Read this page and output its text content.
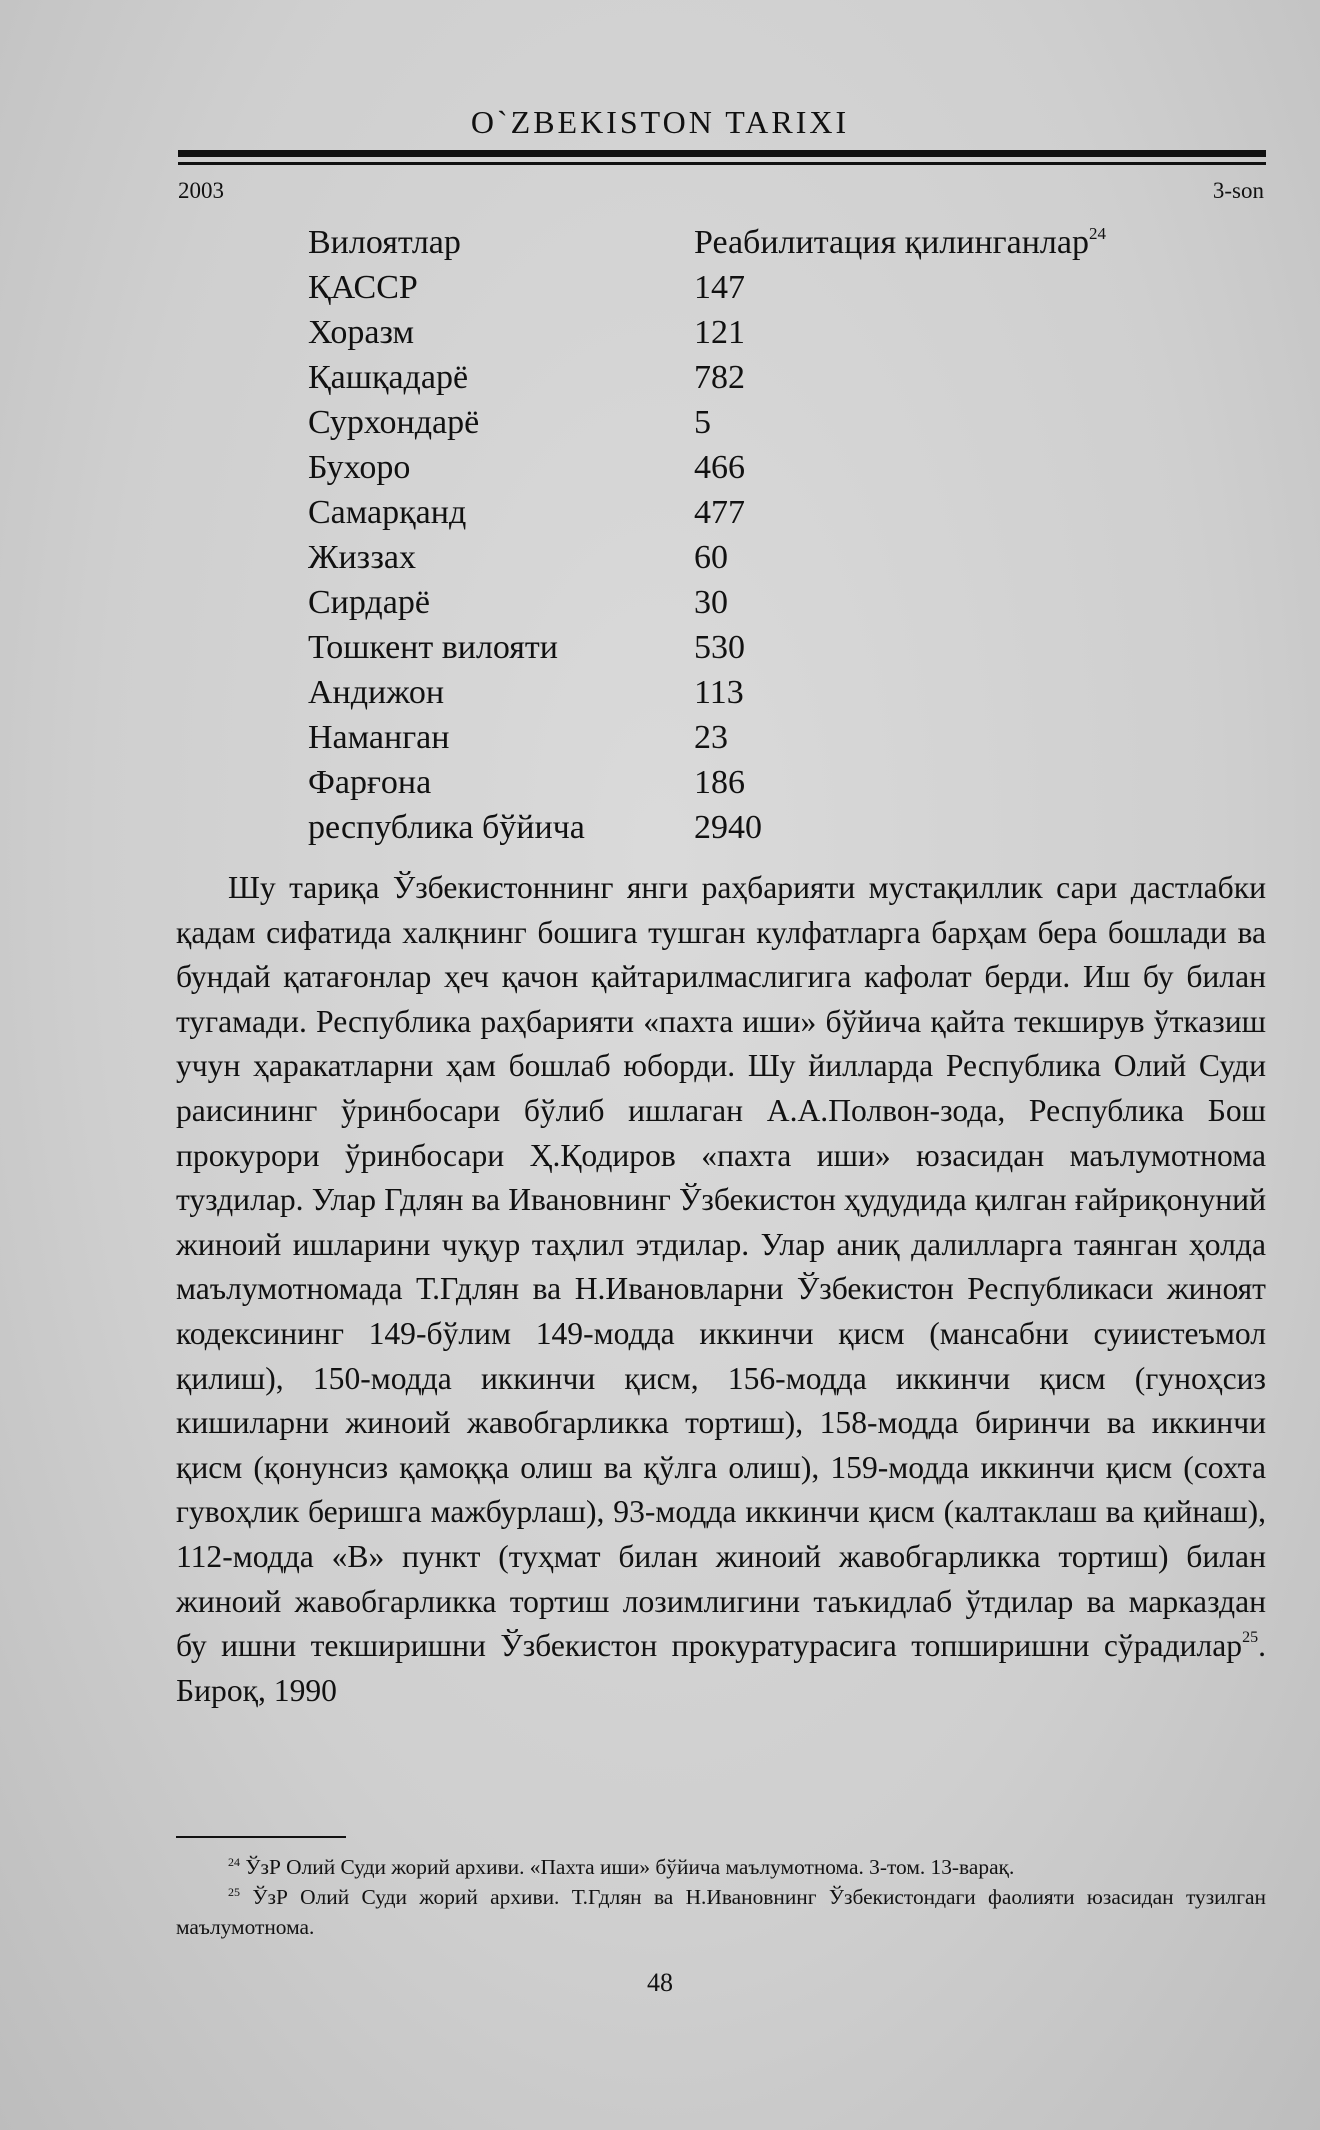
O`ZBEKISTON TARIXI
2003	3-son
Вилоятлар	Реабилитация қилинганлар$^{24}$
ҚАССР	147
Хоразм	121
Қашқадарё	782
Сурхондарё	5
Бухоро	466
Самарқанд	477
Жиззах	60
Сирдарё	30
Тошкент вилояти	530
Андижон	113
Наманган	23
Фарғона	186
республика бўйича	2940

Шу тариқа Ўзбекистоннинг янги раҳбарияти мустақиллик сари дастлабки қадам сифатида халқнинг бошига тушган кулфатларга барҳам бера бошлади ва бундай қатағонлар ҳеч қачон қайтарилмаслигига кафолат берди. Иш бу билан тугамади. Республика раҳбарияти «пахта иши» бўйича қайта текширув ўтказиш учун ҳаракатларни ҳам бошлаб юборди. Шу йилларда Республика Олий Суди раисининг ўринбосари бўлиб ишлаган А.А.Полвон-зода, Республика Бош прокурори ўринбосари Ҳ.Қодиров «пахта иши» юзасидан маълумотнома туздилар. Улар Гдлян ва Ивановнинг Ўзбекистон ҳудудида қилган ғайриқонуний жиноий ишларини чуқур таҳлил этдилар. Улар аниқ далилларга таянган ҳолда маълумотномада Т.Гдлян ва Н.Ивановларни Ўзбекистон Республикаси жиноят кодексининг 149-бўлим 149-модда иккинчи қисм (мансабни суиистеъмол қилиш), 150-модда иккинчи қисм, 156-модда иккинчи қисм (гуноҳсиз кишиларни жиноий жавобгарликка тортиш), 158-модда биринчи ва иккинчи қисм (қонунсиз қамоққа олиш ва қўлга олиш), 159-модда иккинчи қисм (сохта гувоҳлик беришга мажбурлаш), 93-модда иккинчи қисм (калтаклаш ва қийнаш), 112-модда «В» пункт (туҳмат билан жиноий жавобгарликка тортиш) билан жиноий жавобгарликка тортиш лозимлигини таъкидлаб ўтдилар ва марказдан бу ишни текширишни Ўзбекистон прокуратурасига топширишни сўрадилар$^{25}$. Бироқ, 1990

$^{24}$ ЎзР Олий Суди жорий архиви. «Пахта иши» бўйича маълумотнома. 3-том. 13-варақ.

$^{25}$ ЎзР Олий Суди жорий архиви. Т.Гдлян ва Н.Ивановнинг Ўзбекистондаги фаолияти юзасидан тузилган маълумотнома.

48
